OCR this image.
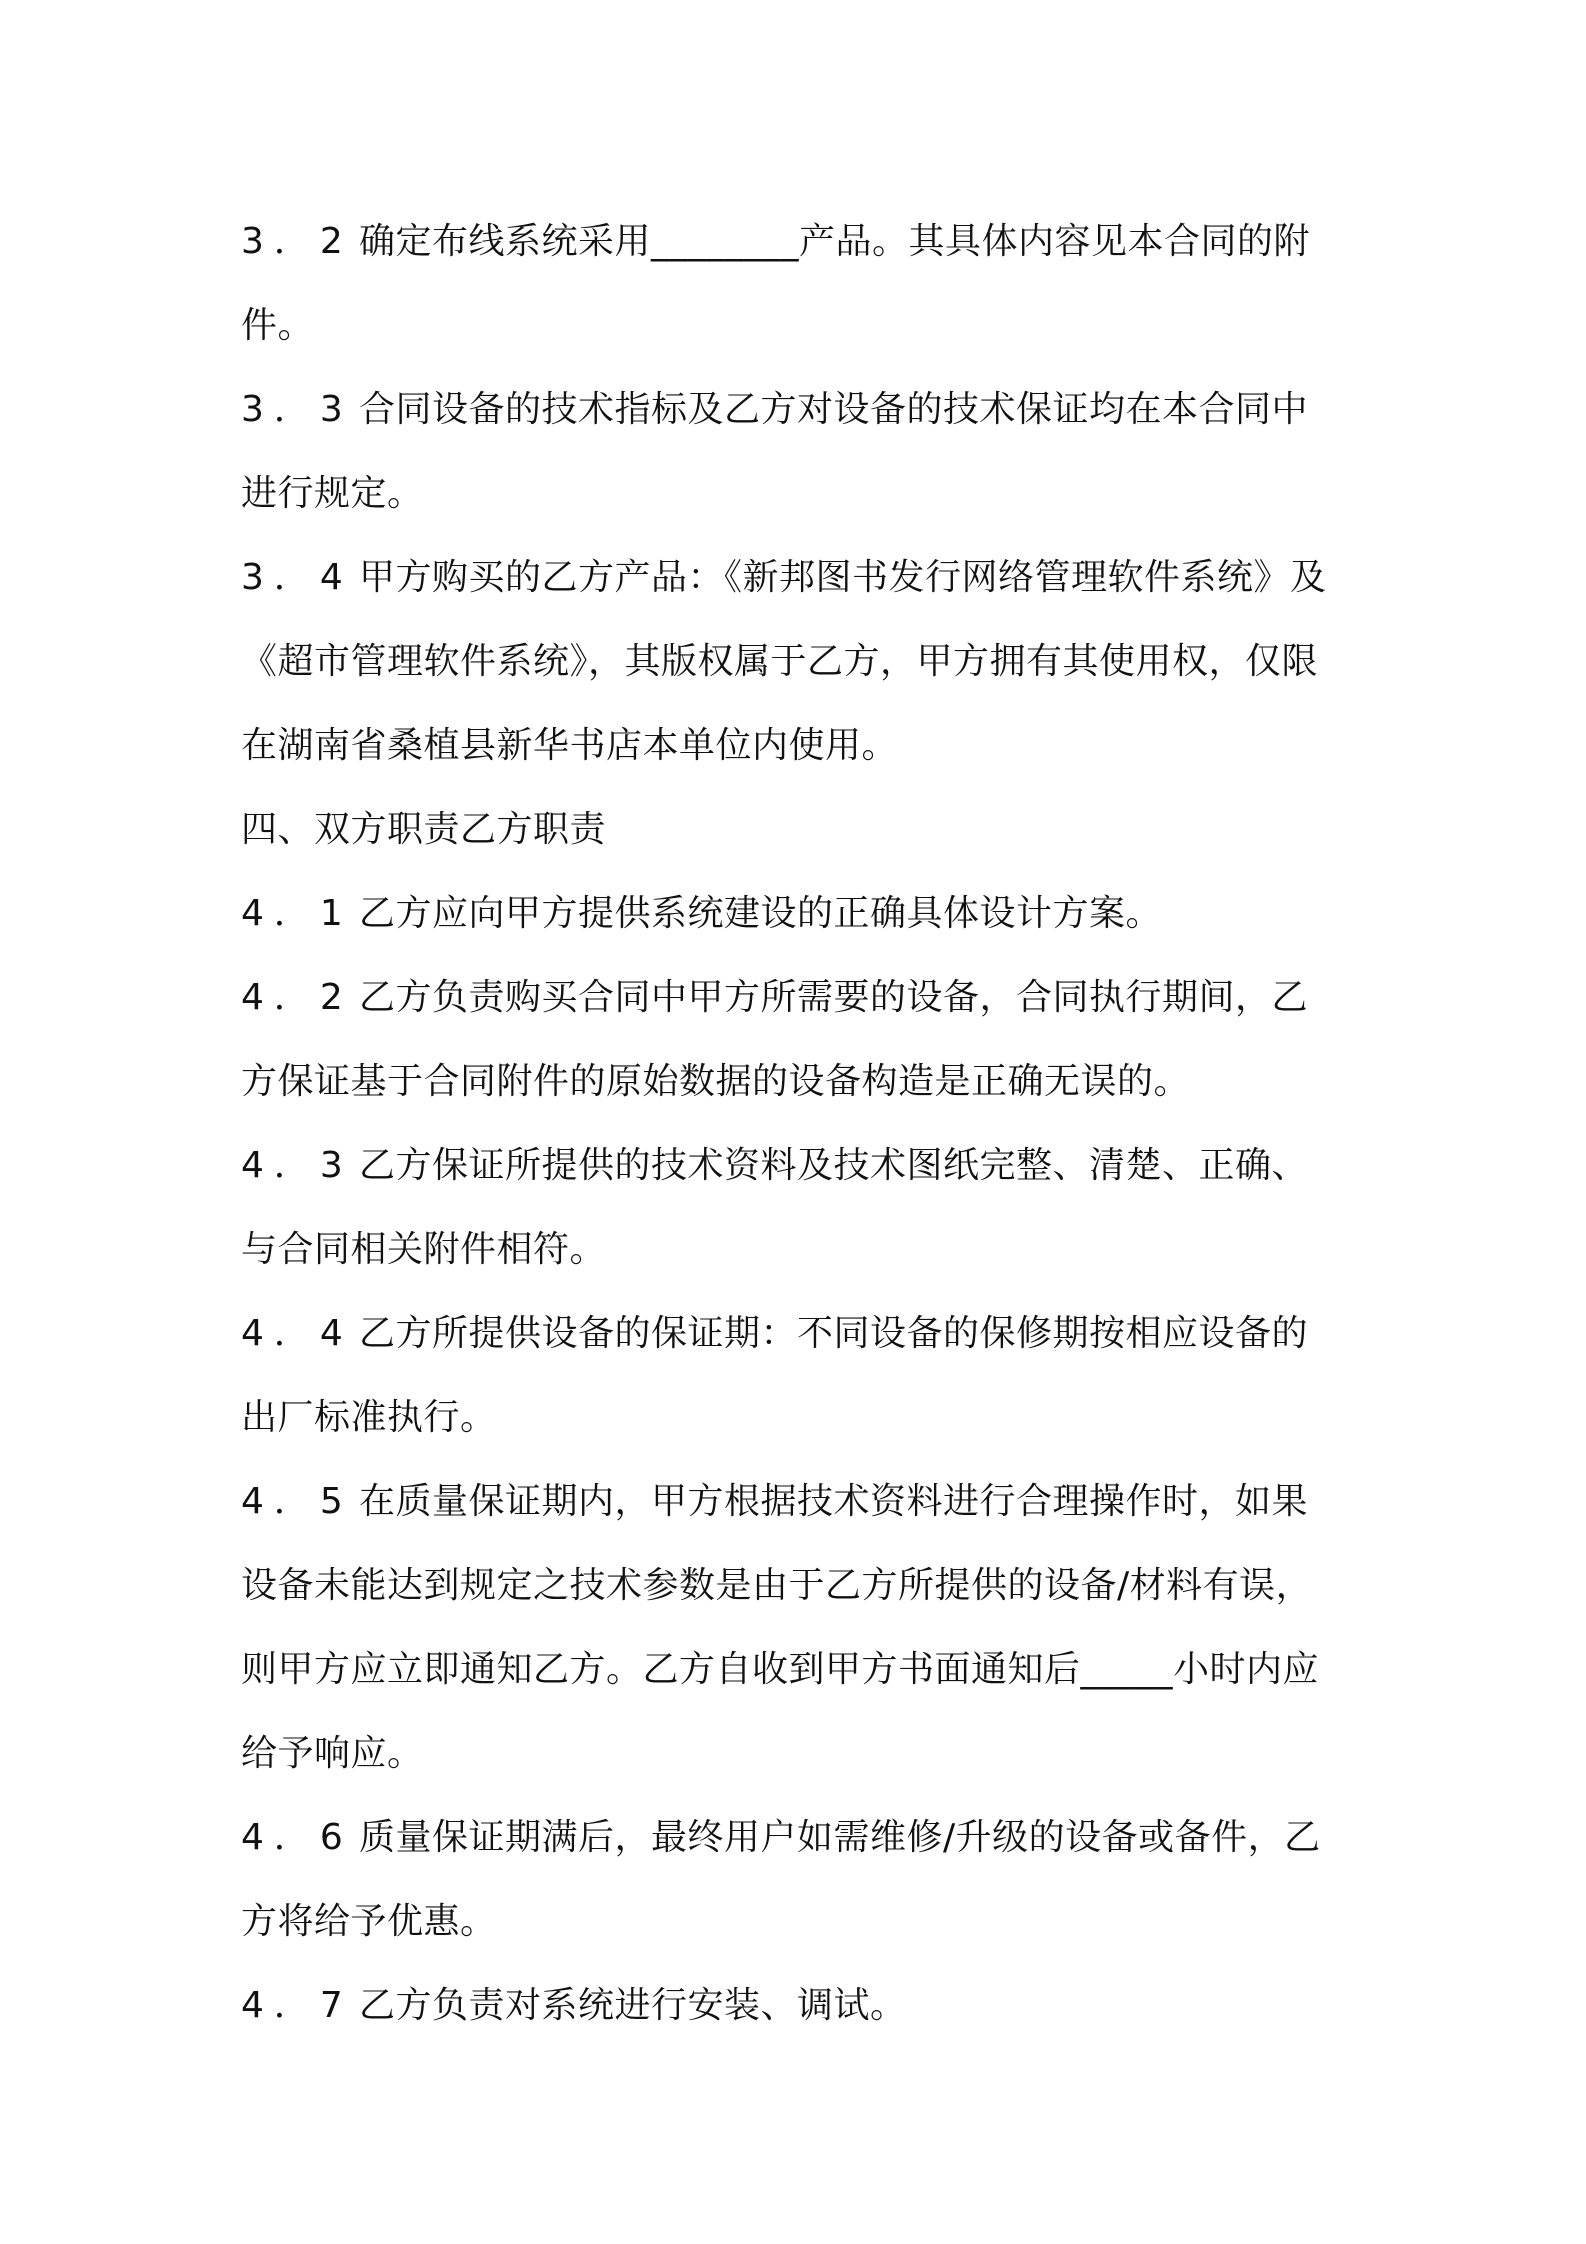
3．2 确定布线系统采用________产品。其具体内容见本合同的附
件。
3．3 合同设备的技术指标及乙方对设备的技术保证均在本合同中
进行规定。
3．4 甲方购买的乙方产品：《新邦图书发行网络管理软件系统》及
《超市管理软件系统》，其版权属于乙方，甲方拥有其使用权，仅限
在湖南省桑植县新华书店本单位内使用。
四、双方职责乙方职责
4．1 乙方应向甲方提供系统建设的正确具体设计方案。
4．2 乙方负责购买合同中甲方所需要的设备，合同执行期间，乙
方保证基于合同附件的原始数据的设备构造是正确无误的。
4．3 乙方保证所提供的技术资料及技术图纸完整、清楚、正确、
与合同相关附件相符。
4．4 乙方所提供设备的保证期：不同设备的保修期按相应设备的
出厂标准执行。
4．5 在质量保证期内，甲方根据技术资料进行合理操作时，如果
设备未能达到规定之技术参数是由于乙方所提供的设备/材料有误，
则甲方应立即通知乙方。乙方自收到甲方书面通知后_____小时内应
给予响应。
4．6 质量保证期满后，最终用户如需维修/升级的设备或备件，乙
方将给予优惠。
4．7 乙方负责对系统进行安装、调试。
